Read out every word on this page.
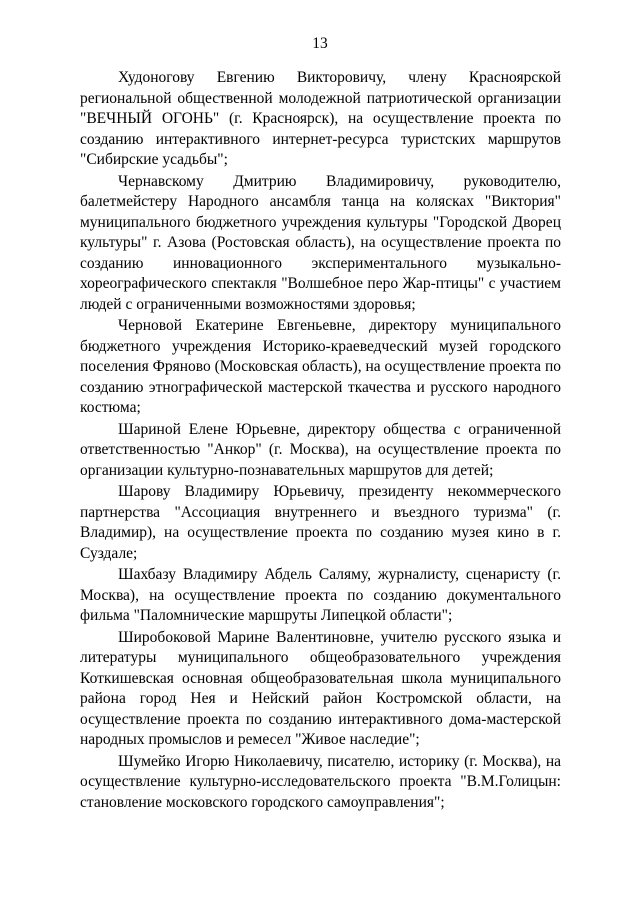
13

Худоногову Евгению Викторовичу, члену Красноярской региональной общественной молодежной патриотической организации "ВЕЧНЫЙ ОГОНЬ" (г. Красноярск), на осуществление проекта по созданию интерактивного интернет-ресурса туристских маршрутов "Сибирские усадьбы";

Чернавскому Дмитрию Владимировичу, руководителю, балетмейстеру Народного ансамбля танца на колясках "Виктория" муниципального бюджетного учреждения культуры "Городской Дворец культуры" г. Азова (Ростовская область), на осуществление проекта по созданию инновационного экспериментального музыкально-хореографического спектакля "Волшебное перо Жар-птицы" с участием людей с ограниченными возможностями здоровья;

Черновой Екатерине Евгеньевне, директору муниципального бюджетного учреждения Историко-краеведческий музей городского поселения Фряново (Московская область), на осуществление проекта по созданию этнографической мастерской ткачества и русского народного костюма;

Шариной Елене Юрьевне, директору общества с ограниченной ответственностью "Анкор" (г. Москва), на осуществление проекта по организации культурно-познавательных маршрутов для детей;

Шарову Владимиру Юрьевичу, президенту некоммерческого партнерства "Ассоциация внутреннего и въездного туризма" (г. Владимир), на осуществление проекта по созданию музея кино в г. Суздале;

Шахбазу Владимиру Абдель Саляму, журналисту, сценаристу (г. Москва), на осуществление проекта по созданию документального фильма "Паломнические маршруты Липецкой области";

Широбоковой Марине Валентиновне, учителю русского языка и литературы муниципального общеобразовательного учреждения Коткишевская основная общеобразовательная школа муниципального района город Нея и Нейский район Костромской области, на осуществление проекта по созданию интерактивного дома-мастерской народных промыслов и ремесел "Живое наследие";

Шумейко Игорю Николаевичу, писателю, историку (г. Москва), на осуществление культурно-исследовательского проекта "В.М.Голицын: становление московского городского самоуправления";
